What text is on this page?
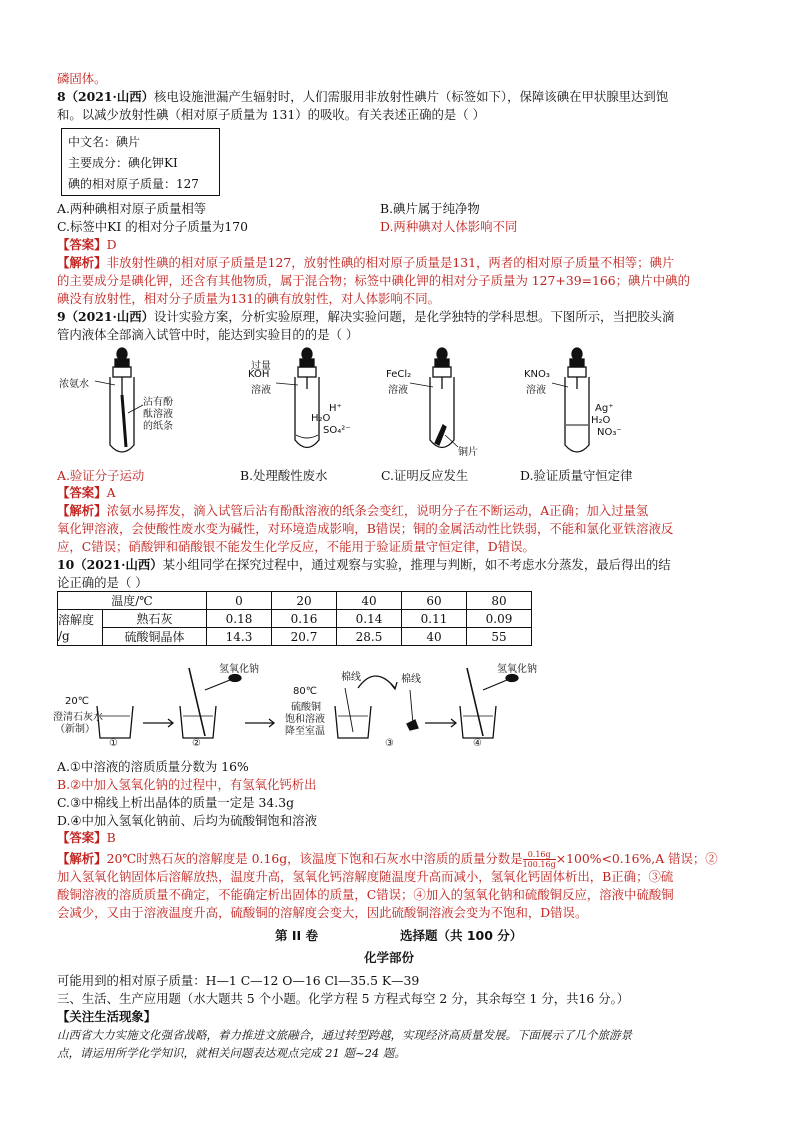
磷固体。
8（2021·山西）核电设施泄漏产生辐射时，人们需服用非放射性碘片（标签如下），保障该碘在甲状腺里达到饱
和。以减少放射性碘（相对原子质量为 131）的吸收。有关表述正确的是（ ）
中文名：碘片
主要成分：碘化钾KI
碘的相对原子质量：127
A.两种碘相对原子质量相等	B.碘片属于纯净物
C.标签中KI 的相对分子质量为170	D.两种碘对人体影响不同
【答案】D
【解析】非放射性碘的相对原子质量是127，放射性碘的相对原子质量是131，两者的相对原子质量不相等；碘片
的主要成分是碘化钾，还含有其他物质，属于混合物；标签中碘化钾的相对分子质量为 127+39=166；碘片中碘的
碘没有放射性，相对分子质量为131的碘有放射性，对人体影响不同。
9（2021·山西）设计实验方案，分析实验原理，解决实验问题，是化学独特的学科思想。下图所示，当把胶头滴
管内液体全部滴入试管中时，能达到实验目的的是（ ）
浓氨水
沾有酚
酞溶液
的纸条
过量
KOH
溶液
H⁺
H₂O
SO₄²⁻
FeCl₂
溶液
铜片
KNO₃
溶液
Ag⁺
H₂O
NO₃⁻
A.验证分子运动	B.处理酸性废水	C.证明反应发生	D.验证质量守恒定律
【答案】A
【解析】浓氨水易挥发，滴入试管后沾有酚酞溶液的纸条会变红，说明分子在不断运动，A正确；加入过量氢
氧化钾溶液，会使酸性废水变为碱性，对环境造成影响，B错误；铜的金属活动性比铁弱，不能和氯化亚铁溶液反
应，C错误；硝酸钾和硝酸银不能发生化学反应，不能用于验证质量守恒定律，D错误。
10（2021·山西）某小组同学在探究过程中，通过观察与实验，推理与判断，如不考虑水分蒸发，最后得出的结
论正确的是（ ）
温度/℃		0	20	40	60	80
溶解度
/g	熟石灰	0.18	0.16	0.14	0.11	0.09
	硫酸铜晶体	14.3	20.7	28.5	40	55
氢氧化钠	氢氧化钠
20℃
澄清石灰水
（新制）
80℃
硫酸铜
饱和溶液
降至室温
棉线	棉线
①	②	③	④
A.①中溶液的溶质质量分数为 16%
B.②中加入氢氧化钠的过程中，有氢氧化钙析出
C.③中棉线上析出晶体的质量一定是 34.3g
D.④中加入氢氧化钠前、后均为硫酸铜饱和溶液
【答案】B
【解析】20℃时熟石灰的溶解度是 0.16g，该温度下饱和石灰水中溶质的质量分数是 $\frac{0.16g}{100.16g} \times 100\%<0.16\%,A$ 错误；②
加入氢氧化钠固体后溶解放热，温度升高，氢氧化钙溶解度随温度升高而减小，氢氧化钙固体析出，B正确；③硫
酸铜溶液的溶质质量不确定，不能确定析出固体的质量，C错误；④加入的氢氧化钠和硫酸铜反应，溶液中硫酸铜
会减少，又由于溶液温度升高，硫酸铜的溶解度会变大，因此硫酸铜溶液会变为不饱和，D错误。
第 II 卷	选择题（共 100 分）
化学部份
可能用到的相对原子质量：H—1 C—12 O—16 Cl—35.5 K—39
三、生活、生产应用题（水大题共 5 个小题。化学方程 5 方程式每空 2 分，其余每空 1 分，共16 分。）
【关注生活现象】
山西省大力实施文化强省战略，着力推进文旅融合，通过转型跨越，实现经济高质量发展。下面展示了几个旅游景
点，请运用所学化学知识，就相关问题表达观点完成 21 题~24 题。
